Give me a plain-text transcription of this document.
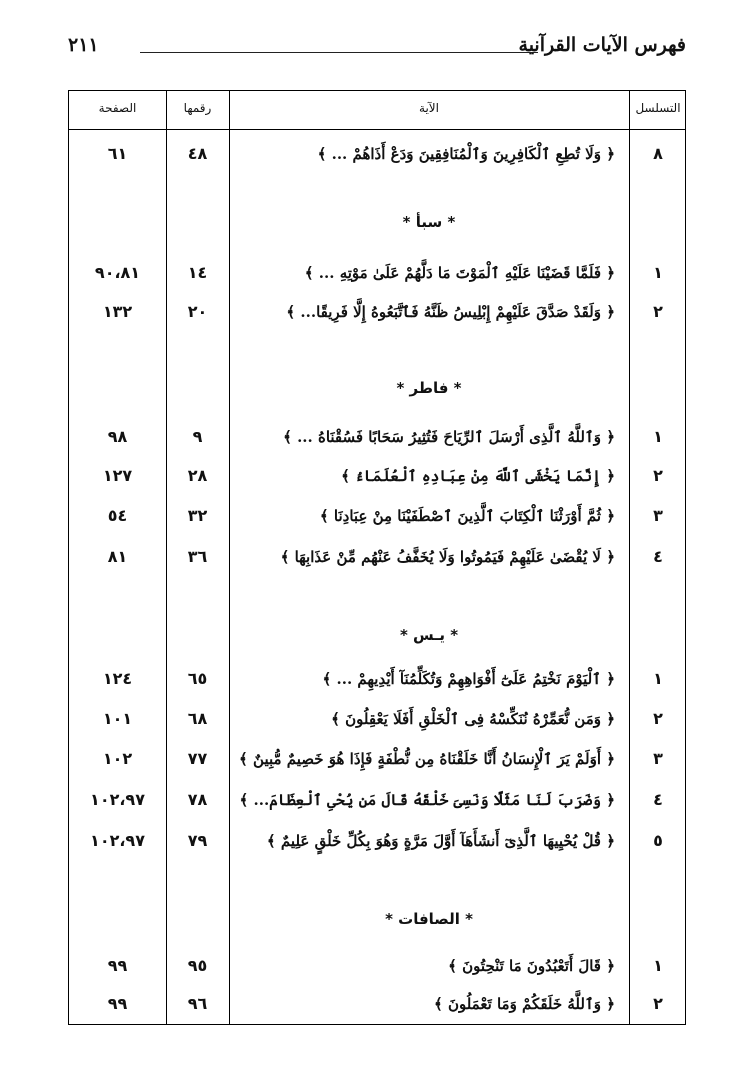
فهرس الآيات القرآنية
٢١١
التسلسل
الآية
رقمها
الصفحة
٨
﴿ وَلَا تُطِعِ ٱلْكَافِرِينَ وَٱلْمُنَافِقِينَ وَدَعْ أَذَاهُمْ ... ﴾
٤٨
٦١
* سبأ *
١
﴿ فَلَمَّا قَضَيْنَا عَلَيْهِ ٱلْمَوْتَ مَا دَلَّهُمْ عَلَىٰ مَوْتِهِ ... ﴾
١٤
٩٠،٨١
٢
﴿ وَلَقَدْ صَدَّقَ عَلَيْهِمْ إِبْلِيسُ ظَنَّهُ فَٱتَّبَعُوهُ إِلَّا فَرِيقًا... ﴾
٢٠
١٣٢
* فاطر *
١
﴿ وَٱللَّهُ ٱلَّذِى أَرْسَلَ ٱلرِّيَاحَ فَتُثِيرُ سَحَابًا فَسُقْنَاهُ ... ﴾
٩
٩٨
٢
﴿ إِنَّمَا يَخْشَى ٱللَّهَ مِنْ عِبَادِهِ ٱلْعُلَمَاءُ ﴾
٢٨
١٢٧
٣
﴿ ثُمَّ أَوْرَثْنَا ٱلْكِتَابَ ٱلَّذِينَ ٱصْطَفَيْنَا مِنْ عِبَادِنَا ﴾
٣٢
٥٤
٤
﴿ لَا يُقْضَىٰ عَلَيْهِمْ فَيَمُوتُوا وَلَا يُخَفَّفُ عَنْهُم مِّنْ عَذَابِهَا ﴾
٣٦
٨١
* يـس *
١
﴿ ٱلْيَوْمَ نَخْتِمُ عَلَىٰٓ أَفْوَاهِهِمْ وَتُكَلِّمُنَآ أَيْدِيهِمْ ... ﴾
٦٥
١٢٤
٢
﴿ وَمَن نُّعَمِّرْهُ نُنَكِّسْهُ فِى ٱلْخَلْقِ أَفَلَا يَعْقِلُونَ ﴾
٦٨
١٠١
٣
﴿ أَوَلَمْ يَرَ ٱلْإِنسَانُ أَنَّا خَلَقْنَاهُ مِن نُّطْفَةٍ فَإِذَا هُوَ خَصِيمٌ مُّبِينٌ ﴾
٧٧
١٠٢
٤
﴿ وَضَرَبَ لَنَا مَثَلًا وَنَسِىَ خَلْقَهُ قَالَ مَن يُحْىِ ٱلْعِظَامَ... ﴾
٧٨
١٠٢،٩٧
٥
﴿ قُلْ يُحْيِيهَا ٱلَّذِىٓ أَنشَأَهَآ أَوَّلَ مَرَّةٍ وَهُوَ بِكُلِّ خَلْقٍ عَلِيمٌ ﴾
٧٩
١٠٢،٩٧
* الصافات *
١
﴿ قَالَ أَتَعْبُدُونَ مَا تَنْحِتُونَ ﴾
٩٥
٩٩
٢
﴿ وَٱللَّهُ خَلَقَكُمْ وَمَا تَعْمَلُونَ ﴾
٩٦
٩٩
